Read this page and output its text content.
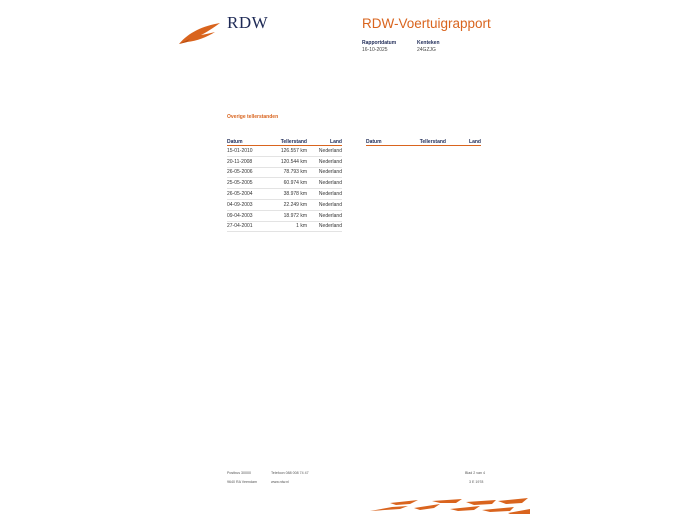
RDW	RDW-Voertuigrapport
Rapportdatum
16-10-2025
Kenteken
24GZJG
Overige tellerstanden
Datum	Tellerstand	Land
15-01-2010	126.557 km	Nederland
20-11-2008	120.544 km	Nederland
26-05-2006	78.793 km	Nederland
25-05-2005	60.974 km	Nederland
26-05-2004	38.978 km	Nederland
04-09-2003	22.249 km	Nederland
09-04-2003	18.972 km	Nederland
27-04-2001	1 km	Nederland
Datum	Tellerstand	Land
Postbus 30000	Telefoon 088 008 74 47	Blad 2 van 4
9640 RA Veendam	www.rdw.nl	3 E 1978
